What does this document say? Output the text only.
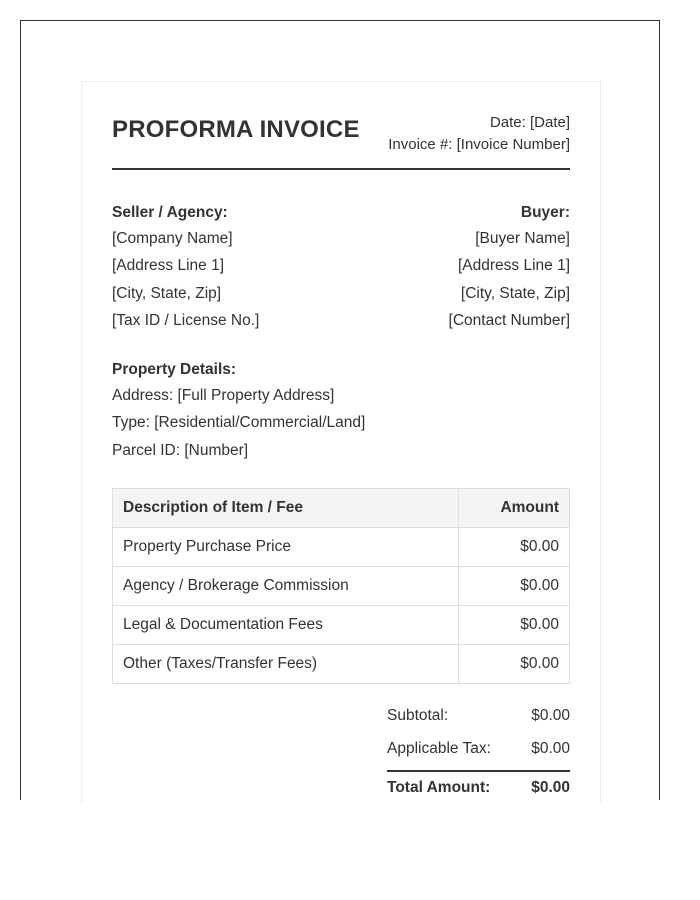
PROFORMA INVOICE	Date: [Date]
Invoice #: [Invoice Number]
Seller / Agency:
[Company Name]
[Address Line 1]
[City, State, Zip]
[Tax ID / License No.]
Buyer:
[Buyer Name]
[Address Line 1]
[City, State, Zip]
[Contact Number]
Property Details:
Address: [Full Property Address]
Type: [Residential/Commercial/Land]
Parcel ID: [Number]
Description of Item / Fee	Amount
Property Purchase Price	$0.00
Agency / Brokerage Commission	$0.00
Legal & Documentation Fees	$0.00
Other (Taxes/Transfer Fees)	$0.00
Subtotal:	$0.00
Applicable Tax:	$0.00
Total Amount:	$0.00
